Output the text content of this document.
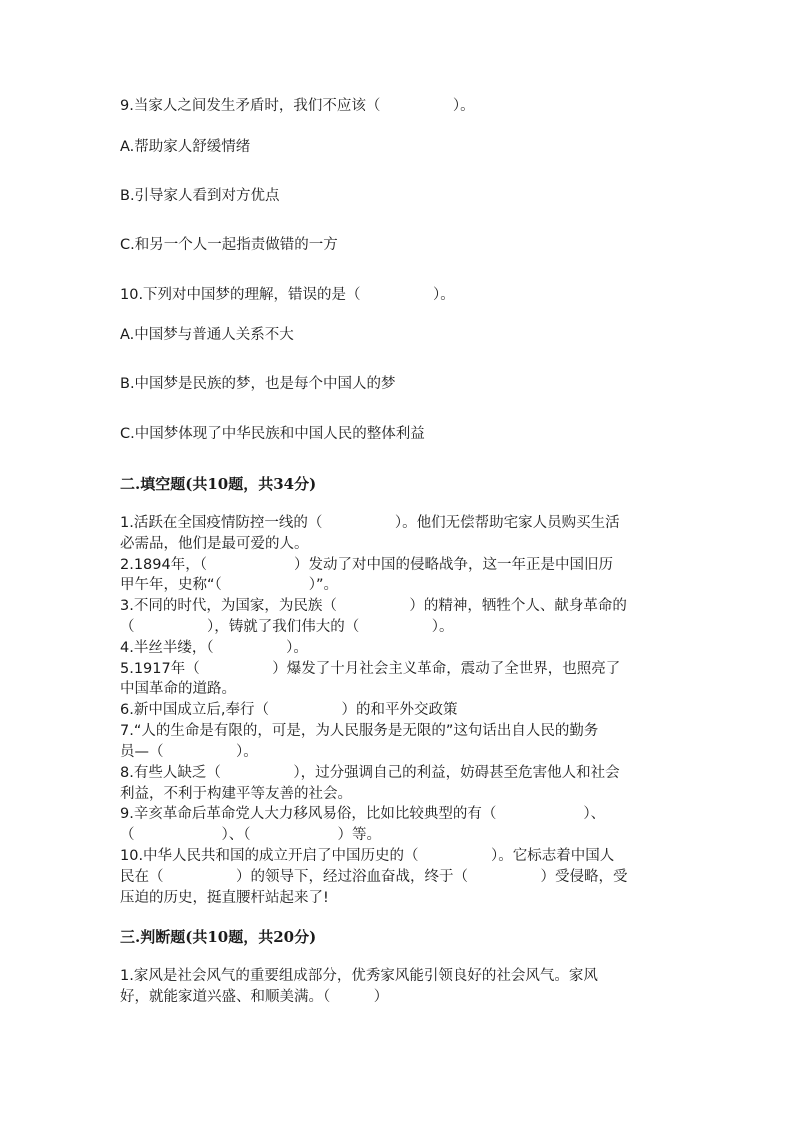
9.当家人之间发生矛盾时，我们不应该（　　　　　）。
A.帮助家人舒缓情绪
B.引导家人看到对方优点
C.和另一个人一起指责做错的一方
10.下列对中国梦的理解，错误的是（　　　　　）。
A.中国梦与普通人关系不大
B.中国梦是民族的梦，也是每个中国人的梦
C.中国梦体现了中华民族和中国人民的整体利益
二.填空题(共10题，共34分)
1.活跃在全国疫情防控一线的（　　　　　）。他们无偿帮助宅家人员购买生活
必需品，他们是最可爱的人。
2.1894年，（　　　　　　）发动了对中国的侵略战争，这一年正是中国旧历
甲午年，史称“（　　　　　　）”。
3.不同的时代，为国家，为民族（　　　　　）的精神，牺牲个人、献身革命的
（　　　　　），铸就了我们伟大的（　　　　　）。
4.半丝半缕，（　　　　　）。
5.1917年（　　　　　）爆发了十月社会主义革命，震动了全世界，也照亮了
中国革命的道路。
6.新中国成立后,奉行（　　　　　）的和平外交政策
7.“人的生命是有限的，可是，为人民服务是无限的”这句话出自人民的勤务
员—（　　　　　）。
8.有些人缺乏（　　　　　），过分强调自己的利益，妨碍甚至危害他人和社会
利益，不利于构建平等友善的社会。
9.辛亥革命后革命党人大力移风易俗，比如比较典型的有（　　　　　　）、
（　　　　　　）、（　　　　　　）等。
10.中华人民共和国的成立开启了中国历史的（　　　　　）。它标志着中国人
民在（　　　　　）的领导下，经过浴血奋战，终于（　　　　　）受侵略，受
压迫的历史，挺直腰杆站起来了!
三.判断题(共10题，共20分)
1.家风是社会风气的重要组成部分，优秀家风能引领良好的社会风气。家风
好，就能家道兴盛、和顺美满。（　　　）
